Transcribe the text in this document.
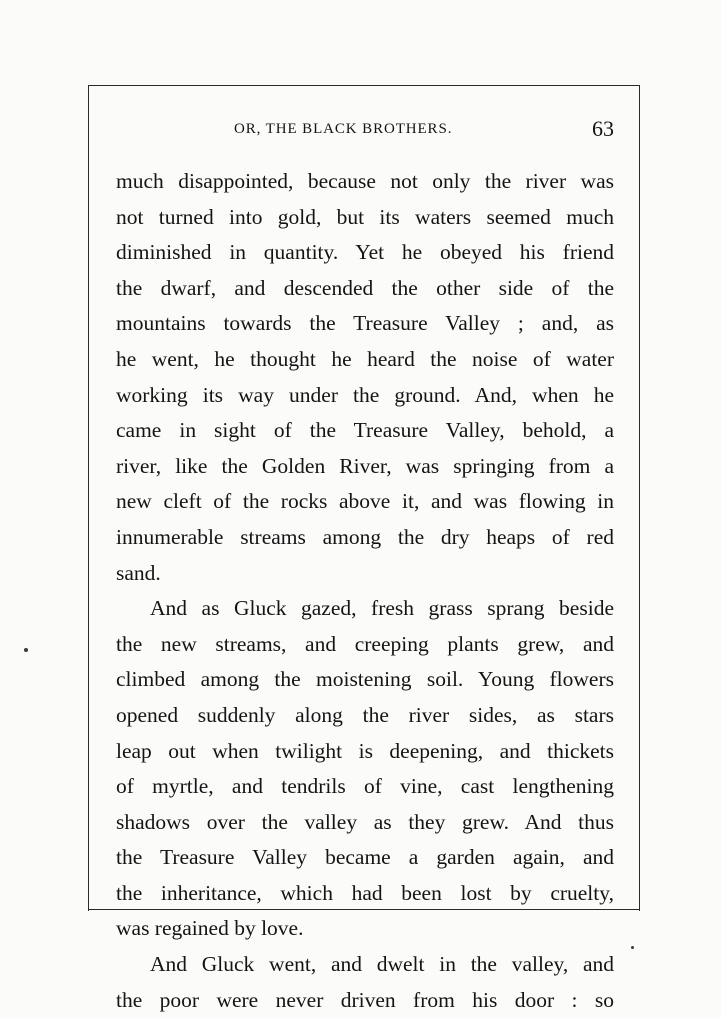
OR, THE BLACK BROTHERS.	63
much disappointed, because not only the river was
not turned into gold, but its waters seemed much
diminished in quantity. Yet he obeyed his friend
the dwarf, and descended the other side of the
mountains towards the Treasure Valley ; and, as
he went, he thought he heard the noise of water
working its way under the ground. And, when he
came in sight of the Treasure Valley, behold, a
river, like the Golden River, was springing from a
new cleft of the rocks above it, and was flowing in
innumerable streams among the dry heaps of red
sand.
And as Gluck gazed, fresh grass sprang beside
the new streams, and creeping plants grew, and
climbed among the moistening soil. Young flowers
opened suddenly along the river sides, as stars
leap out when twilight is deepening, and thickets
of myrtle, and tendrils of vine, cast lengthening
shadows over the valley as they grew. And thus
the Treasure Valley became a garden again, and
the inheritance, which had been lost by cruelty,
was regained by love.
And Gluck went, and dwelt in the valley, and
the poor were never driven from his door : so
